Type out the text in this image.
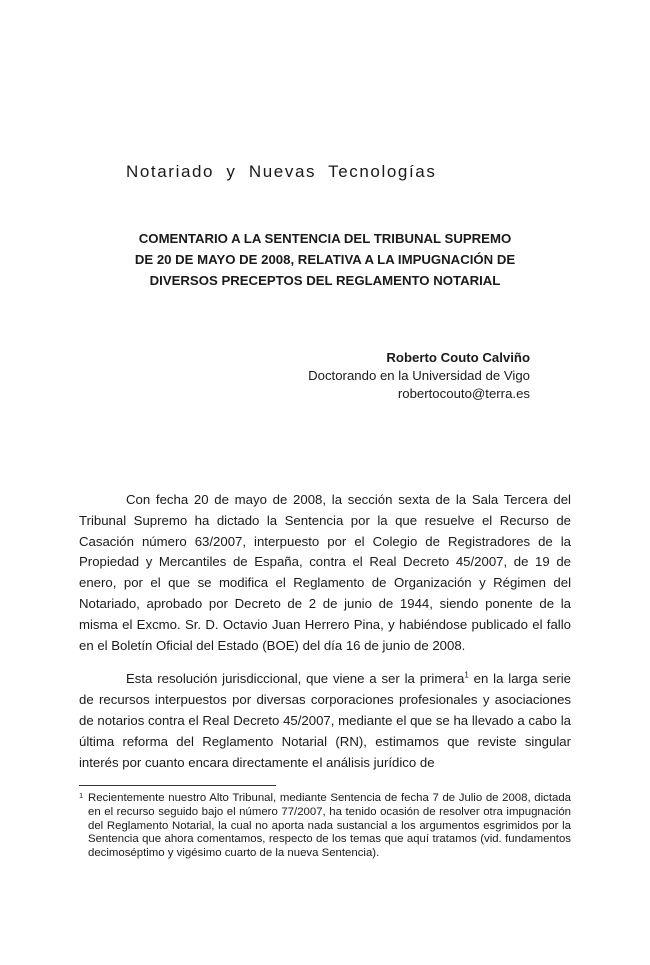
Notariado y Nuevas Tecnologías
COMENTARIO A LA SENTENCIA DEL TRIBUNAL SUPREMO
DE 20 DE MAYO DE 2008, RELATIVA A LA IMPUGNACIÓN DE
DIVERSOS PRECEPTOS DEL REGLAMENTO NOTARIAL
Roberto Couto Calviño
Doctorando en la Universidad de Vigo
robertocouto@terra.es

Con fecha 20 de mayo de 2008, la sección sexta de la Sala Tercera del Tribunal Supremo ha dictado la Sentencia por la que resuelve el Recurso de Casación número 63/2007, interpuesto por el Colegio de Registradores de la Propiedad y Mercantiles de España, contra el Real Decreto 45/2007, de 19 de enero, por el que se modifica el Reglamento de Organización y Régimen del Notariado, aprobado por Decreto de 2 de junio de 1944, siendo ponente de la misma el Excmo. Sr. D. Octavio Juan Herrero Pina, y habiéndose publicado el fallo en el Boletín Oficial del Estado (BOE) del día 16 de junio de 2008.

Esta resolución jurisdiccional, que viene a ser la primera$^1$ en la larga serie de recursos interpuestos por diversas corporaciones profesionales y asociaciones de notarios contra el Real Decreto 45/2007, mediante el que se ha llevado a cabo la última reforma del Reglamento Notarial (RN), estimamos que reviste singular interés por cuanto encara directamente el análisis jurídico de

1 Recientemente nuestro Alto Tribunal, mediante Sentencia de fecha 7 de Julio de 2008, dictada en el recurso seguido bajo el número 77/2007, ha tenido ocasión de resolver otra impugnación del Reglamento Notarial, la cual no aporta nada sustancial a los argumentos esgrimidos por la Sentencia que ahora comentamos, respecto de los temas que aquí tratamos (vid. fundamentos decimoséptimo y vigésimo cuarto de la nueva Sentencia).
